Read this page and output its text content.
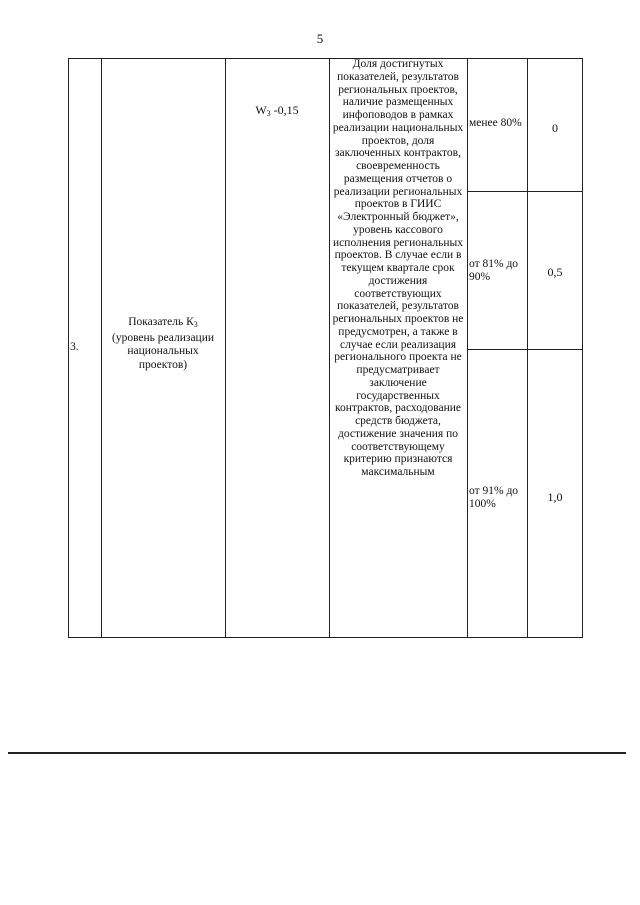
5
3.
Показатель $К_3$
(уровень реализации национальных проектов)
$W_3$ -0,15
Доля достигнутых показателей, результатов региональных проектов, наличие размещенных инфоповодов в рамках реализации национальных проектов, доля заключенных контрактов, своевременность размещения отчетов о реализации региональных проектов в ГИИС «Электронный бюджет», уровень кассового исполнения региональных проектов. В случае если в текущем квартале срок достижения соответствующих показателей, результатов региональных проектов не предусмотрен, а также в случае если реализация регионального проекта не предусматривает заключение государственных контрактов, расходование средств бюджета, достижение значения по соответствующему критерию признаются максимальным
менее 80%	0
от 81% до 90%	0,5
от 91% до 100%	1,0
